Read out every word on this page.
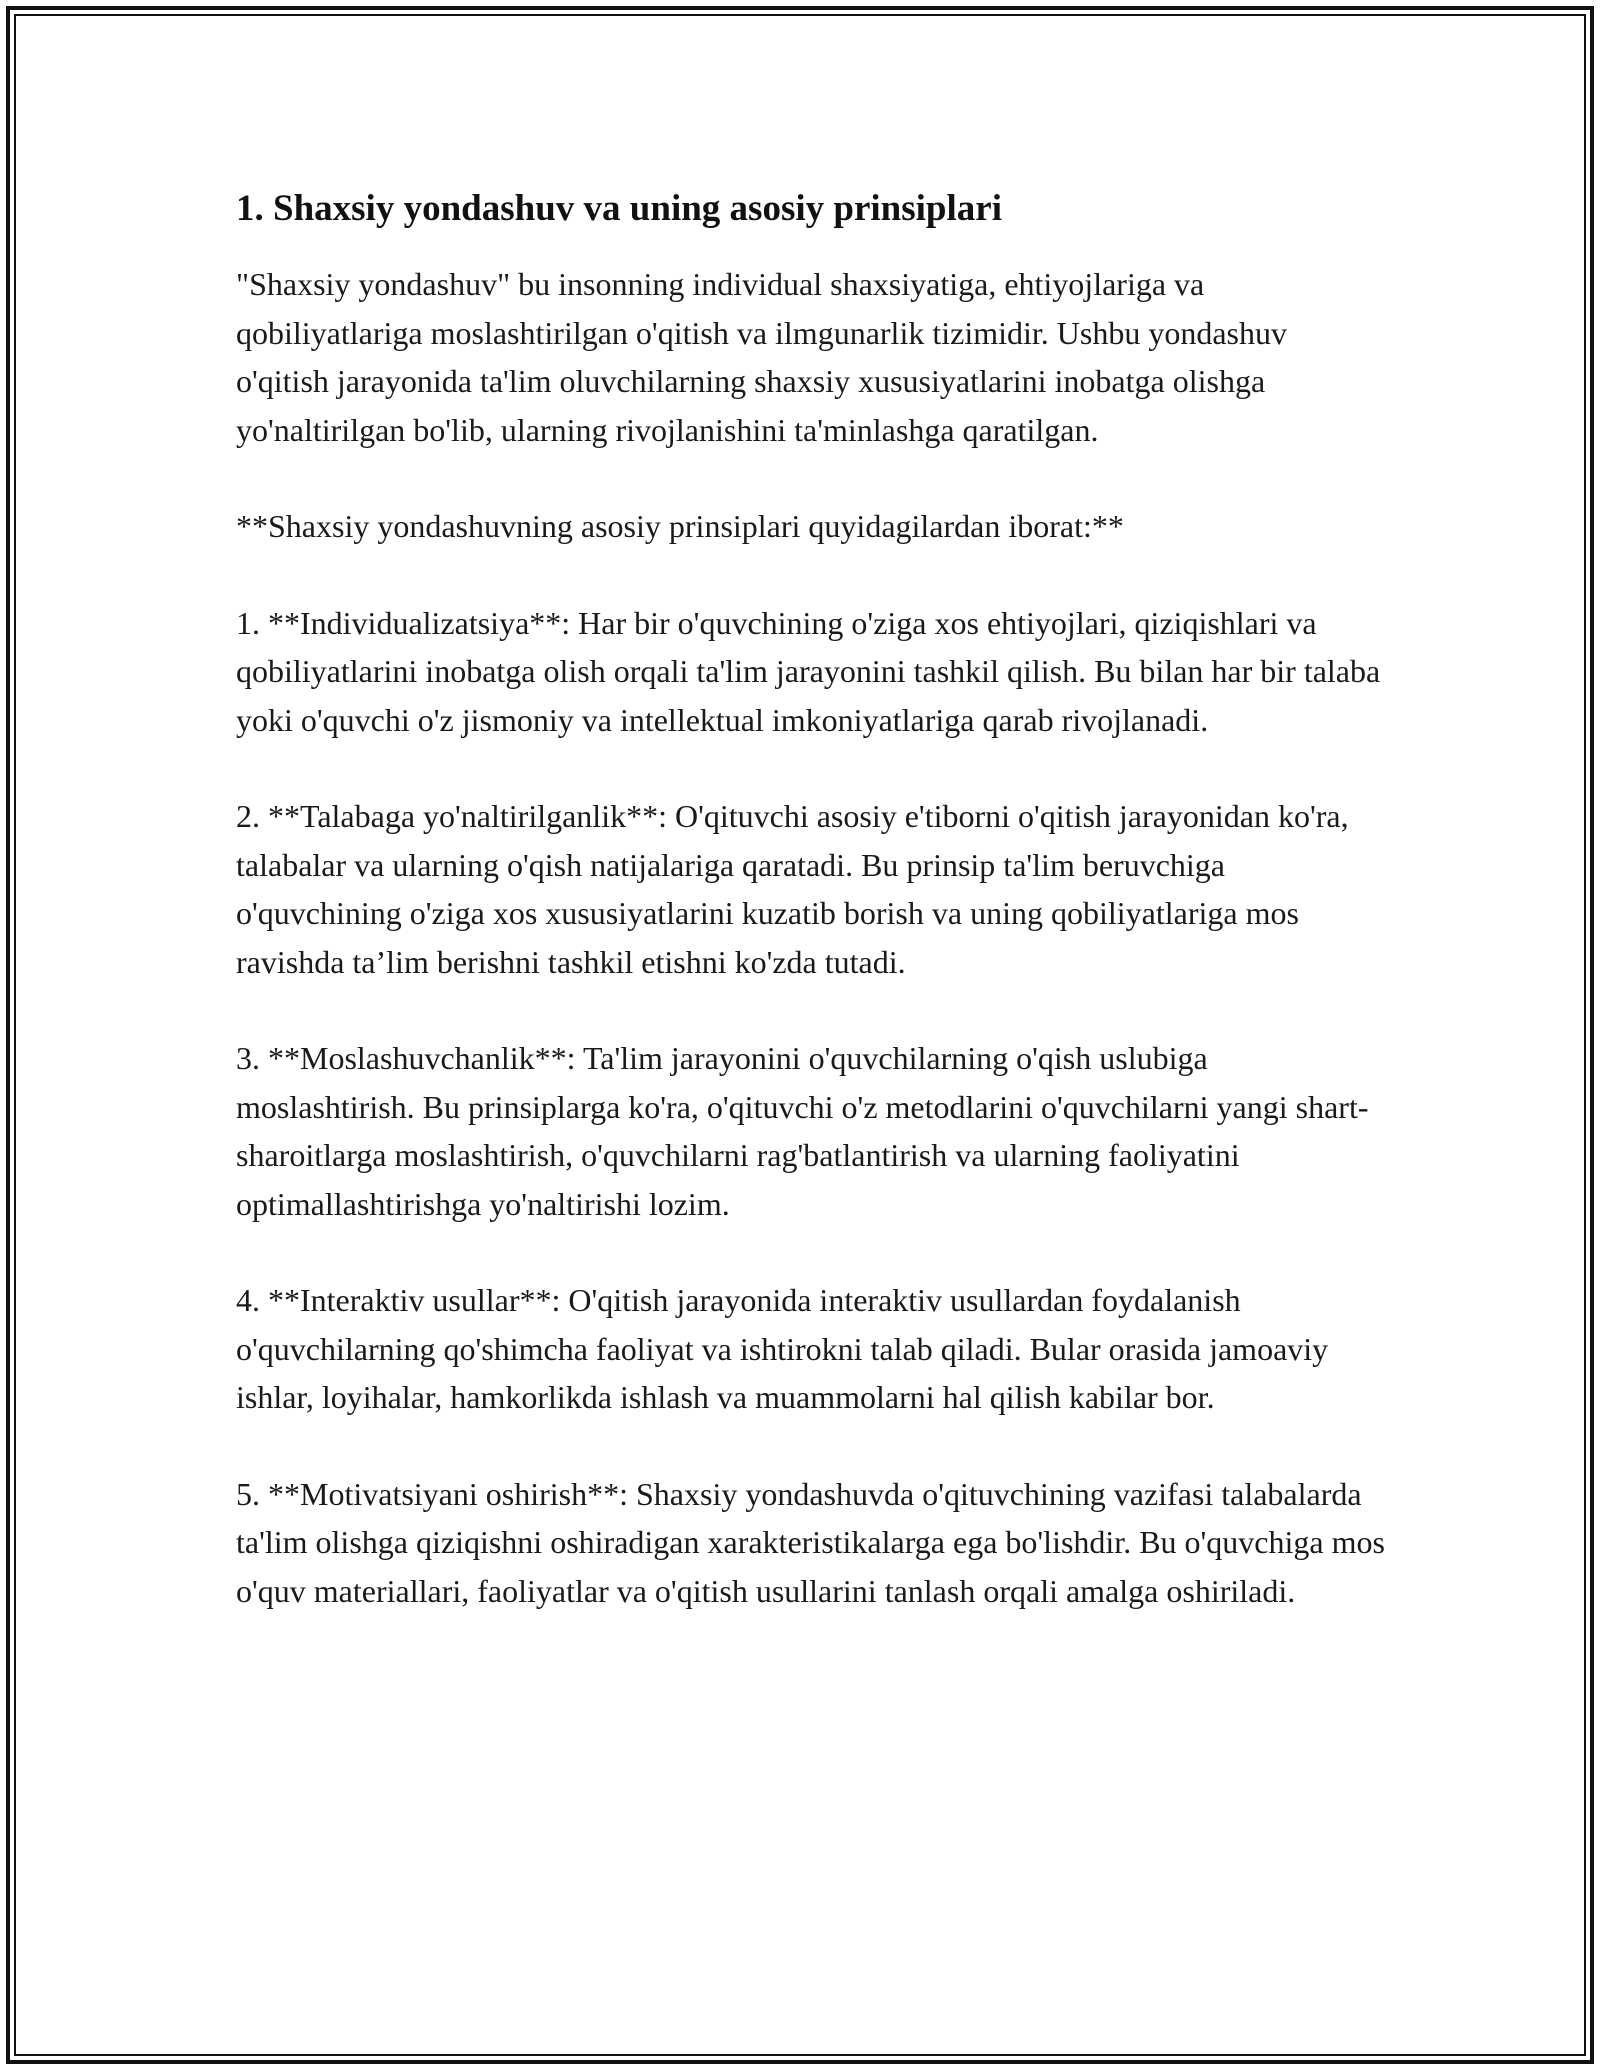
1. Shaxsiy yondashuv va uning asosiy prinsiplari

"Shaxsiy yondashuv" bu insonning individual shaxsiyatiga, ehtiyojlariga va qobiliyatlariga moslashtirilgan o'qitish va ilmgunarlik tizimidir. Ushbu yondashuv o'qitish jarayonida ta'lim oluvchilarning shaxsiy xususiyatlarini inobatga olishga yo'naltirilgan bo'lib, ularning rivojlanishini ta'minlashga qaratilgan.

**Shaxsiy yondashuvning asosiy prinsiplari quyidagilardan iborat:**

1. **Individualizatsiya**: Har bir o'quvchining o'ziga xos ehtiyojlari, qiziqishlari va qobiliyatlarini inobatga olish orqali ta'lim jarayonini tashkil qilish. Bu bilan har bir talaba yoki o'quvchi o'z jismoniy va intellektual imkoniyatlariga qarab rivojlanadi.

2. **Talabaga yo'naltirilganlik**: O'qituvchi asosiy e'tiborni o'qitish jarayonidan ko'ra, talabalar va ularning o'qish natijalariga qaratadi. Bu prinsip ta'lim beruvchiga o'quvchining o'ziga xos xususiyatlarini kuzatib borish va uning qobiliyatlariga mos ravishda ta’lim berishni tashkil etishni ko'zda tutadi.

3. **Moslashuvchanlik**: Ta'lim jarayonini o'quvchilarning o'qish uslubiga moslashtirish. Bu prinsiplarga ko'ra, o'qituvchi o'z metodlarini o'quvchilarni yangi shart-sharoitlarga moslashtirish, o'quvchilarni rag'batlantirish va ularning faoliyatini optimallashtirishga yo'naltirishi lozim.

4. **Interaktiv usullar**: O'qitish jarayonida interaktiv usullardan foydalanish o'quvchilarning qo'shimcha faoliyat va ishtirokni talab qiladi. Bular orasida jamoaviy ishlar, loyihalar, hamkorlikda ishlash va muammolarni hal qilish kabilar bor.

5. **Motivatsiyani oshirish**: Shaxsiy yondashuvda o'qituvchining vazifasi talabalarda ta'lim olishga qiziqishni oshiradigan xarakteristikalarga ega bo'lishdir. Bu o'quvchiga mos o'quv materiallari, faoliyatlar va o'qitish usullarini tanlash orqali amalga oshiriladi.
